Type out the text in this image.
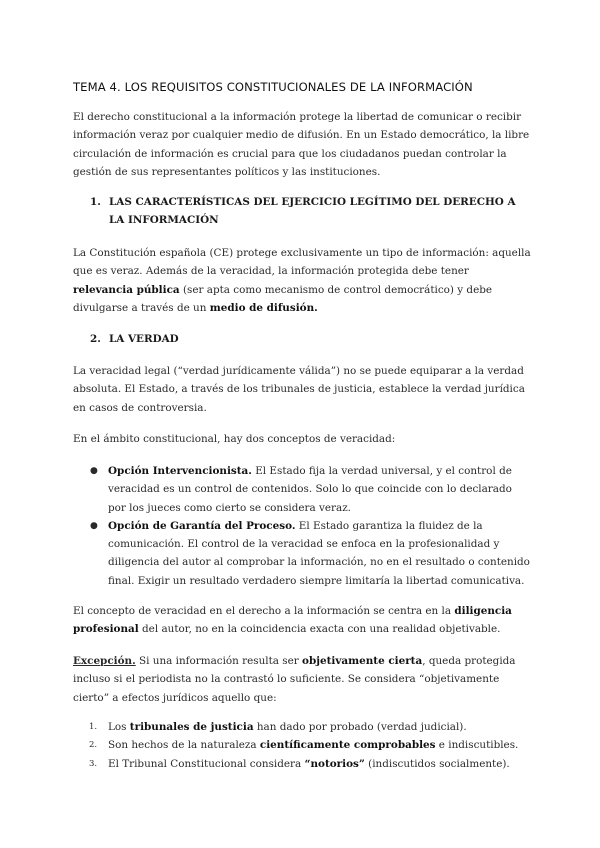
TEMA 4. LOS REQUISITOS CONSTITUCIONALES DE LA INFORMACIÓN

El derecho constitucional a la información protege la libertad de comunicar o recibir información veraz por cualquier medio de difusión. En un Estado democrático, la libre circulación de información es crucial para que los ciudadanos puedan controlar la gestión de sus representantes políticos y las instituciones.

1. LAS CARACTERÍSTICAS DEL EJERCICIO LEGÍTIMO DEL DERECHO A LA INFORMACIÓN

La Constitución española (CE) protege exclusivamente un tipo de información: aquella que es veraz. Además de la veracidad, la información protegida debe tener relevancia pública (ser apta como mecanismo de control democrático) y debe divulgarse a través de un medio de difusión.

2. LA VERDAD

La veracidad legal (“verdad jurídicamente válida”) no se puede equiparar a la verdad absoluta. El Estado, a través de los tribunales de justicia, establece la verdad jurídica en casos de controversia.

En el ámbito constitucional, hay dos conceptos de veracidad:

● Opción Intervencionista. El Estado fija la verdad universal, y el control de veracidad es un control de contenidos. Solo lo que coincide con lo declarado por los jueces como cierto se considera veraz.
● Opción de Garantía del Proceso. El Estado garantiza la fluidez de la comunicación. El control de la veracidad se enfoca en la profesionalidad y diligencia del autor al comprobar la información, no en el resultado o contenido final. Exigir un resultado verdadero siempre limitaría la libertad comunicativa.

El concepto de veracidad en el derecho a la información se centra en la diligencia profesional del autor, no en la coincidencia exacta con una realidad objetivable.

Excepción. Si una información resulta ser objetivamente cierta, queda protegida incluso si el periodista no la contrastó lo suficiente. Se considera “objetivamente cierto” a efectos jurídicos aquello que:

1. Los tribunales de justicia han dado por probado (verdad judicial).
2. Son hechos de la naturaleza científicamente comprobables e indiscutibles.
3. El Tribunal Constitucional considera “notorios” (indiscutidos socialmente).
